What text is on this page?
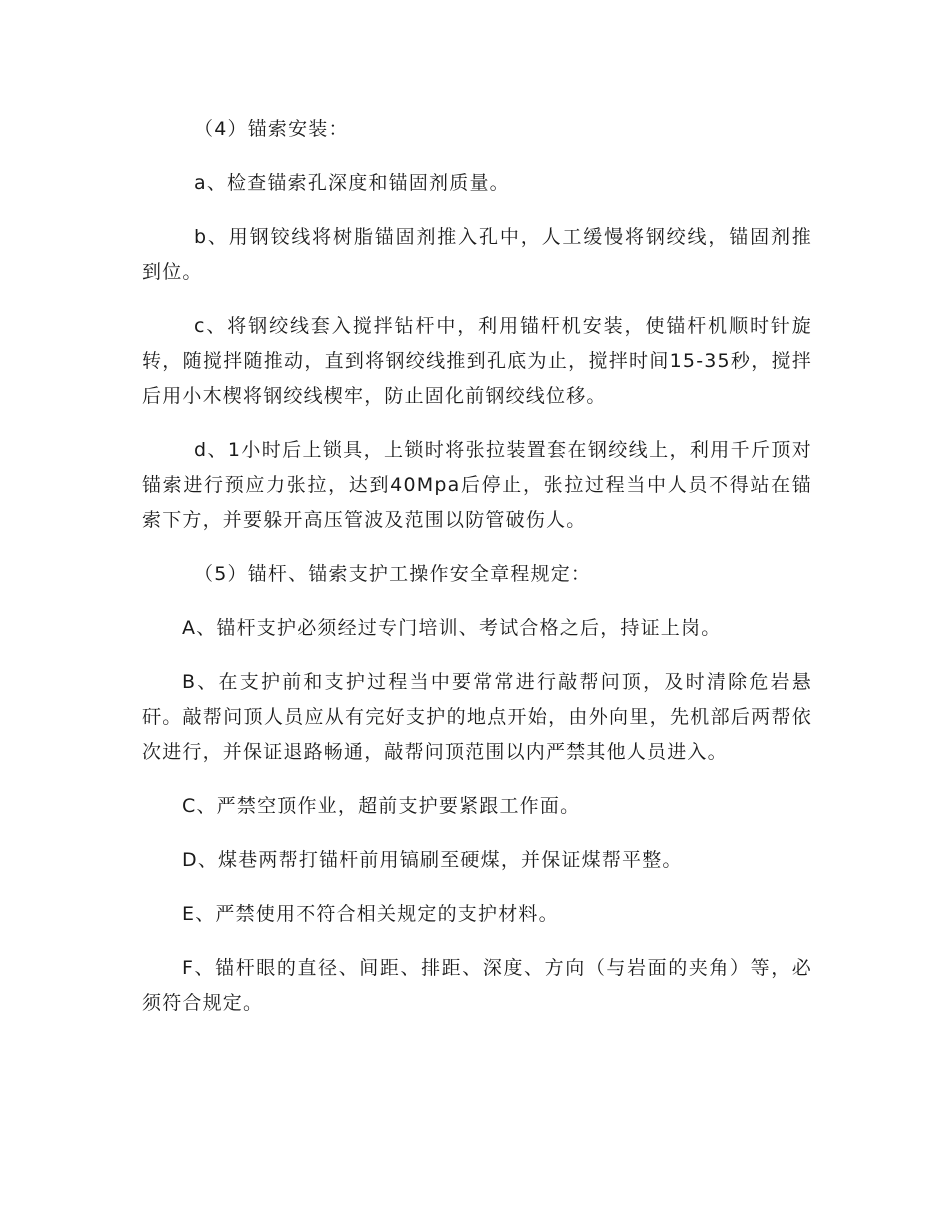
（4）锚索安装：

a、检查锚索孔深度和锚固剂质量。

b、用钢铰线将树脂锚固剂推入孔中，人工缓慢将钢绞线，锚固剂推到位。

c、将钢绞线套入搅拌钻杆中，利用锚杆机安装，使锚杆机顺时针旋转，随搅拌随推动，直到将钢绞线推到孔底为止，搅拌时间15-35秒，搅拌后用小木楔将钢绞线楔牢，防止固化前钢绞线位移。

d、1小时后上锁具，上锁时将张拉装置套在钢绞线上，利用千斤顶对锚索进行预应力张拉，达到40Mpa后停止，张拉过程当中人员不得站在锚索下方，并要躲开高压管波及范围以防管破伤人。

（5）锚杆、锚索支护工操作安全章程规定：

A、锚杆支护必须经过专门培训、考试合格之后，持证上岗。

B、在支护前和支护过程当中要常常进行敲帮问顶，及时清除危岩悬矸。敲帮问顶人员应从有完好支护的地点开始，由外向里，先机部后两帮依次进行，并保证退路畅通，敲帮问顶范围以内严禁其他人员进入。

C、严禁空顶作业，超前支护要紧跟工作面。

D、煤巷两帮打锚杆前用镐刷至硬煤，并保证煤帮平整。

E、严禁使用不符合相关规定的支护材料。

F、锚杆眼的直径、间距、排距、深度、方向（与岩面的夹角）等，必须符合规定。
